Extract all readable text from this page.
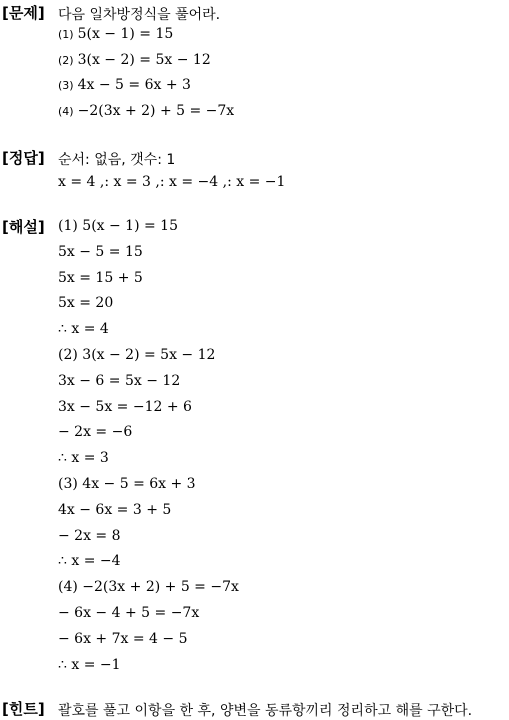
[문제] 다음 일차방정식을 풀어라.
(1) 5(x − 1) = 15
(2) 3(x − 2) = 5x − 12
(3) 4x − 5 = 6x + 3
(4) −2(3x + 2) + 5 = −7x
[정답] 순서: 없음, 갯수: 1
x = 4 ,: x = 3 ,: x = −4 ,: x = −1
[해설] (1) 5(x − 1) = 15
5x − 5 = 15
5x = 15 + 5
5x = 20
∴ x = 4
(2) 3(x − 2) = 5x − 12
3x − 6 = 5x − 12
3x − 5x = −12 + 6
− 2x = −6
∴ x = 3
(3) 4x − 5 = 6x + 3
4x − 6x = 3 + 5
− 2x = 8
∴ x = −4
(4) −2(3x + 2) + 5 = −7x
− 6x − 4 + 5 = −7x
− 6x + 7x = 4 − 5
∴ x = −1
[힌트] 괄호를 풀고 이항을 한 후, 양변을 동류항끼리 정리하고 해를 구한다.
